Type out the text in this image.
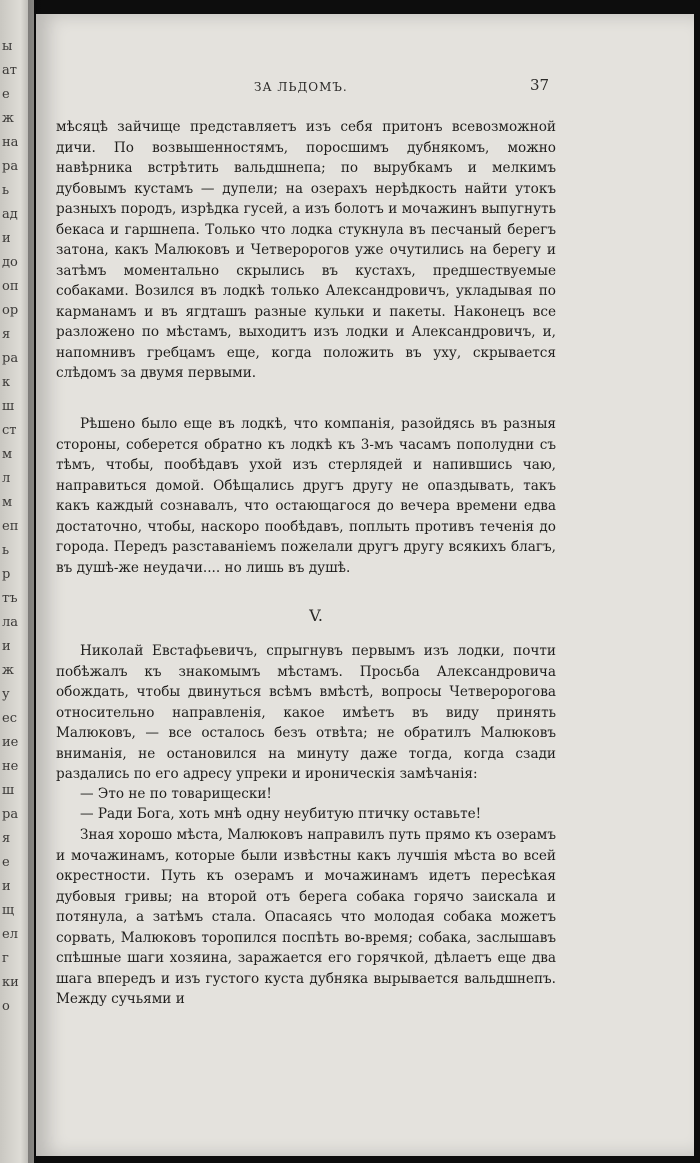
ы
ат
е
ж
на
ра
ь
ад
и
до
оп
ор
я
ра
к
ш
ст
м
л
м
еп
ь
р
тъ
ла
и
ж
у
ес
ие
не
ш
ра
я
е
и
щ
ел
г
ки
о
ЗА ЛЬДОМЪ.	37

мѣсяцѣ зайчище представляетъ изъ себя притонъ всевозможной дичи. По возвышенностямъ, поросшимъ дубнякомъ, можно навѣрника встрѣтить вальдшнепа; по вырубкамъ и мелкимъ дубовымъ кустамъ — дупели; на озерахъ нерѣдкость найти утокъ разныхъ породъ, изрѣдка гусей, а изъ болотъ и мочажинъ выпугнуть бекаса и гаршнепа. Только что лодка стукнула въ песчаный берегъ затона, какъ Малюковъ и Четверорогов уже очутились на берегу и затѣмъ моментально скрылись въ кустахъ, предшествуемые собаками. Возился въ лодкѣ только Александровичъ, укладывая по карманамъ и въ ягдташъ разные кульки и пакеты. Наконецъ все разложено по мѣстамъ, выходитъ изъ лодки и Александровичъ, и, напомнивъ гребцамъ еще, когда положить въ уху, скрывается слѣдомъ за двумя первыми.

Рѣшено было еще въ лодкѣ, что компанія, разойдясь въ разныя стороны, соберется обратно къ лодкѣ къ 3-мъ часамъ пополудни съ тѣмъ, чтобы, пообѣдавъ ухой изъ стерлядей и напившись чаю, направиться домой. Обѣщались другъ другу не опаздывать, такъ какъ каждый сознавалъ, что остающагося до вечера времени едва достаточно, чтобы, наскоро пообѣдавъ, поплыть противъ теченія до города. Передъ разставаніемъ пожелали другъ другу всякихъ благъ, въ душѣ-же неудачи.... но лишь въ душѣ.

V.

Николай Евстафьевичъ, спрыгнувъ первымъ изъ лодки, почти побѣжалъ къ знакомымъ мѣстамъ. Просьба Александровича обождать, чтобы двинуться всѣмъ вмѣстѣ, вопросы Четверорогова относительно направленія, какое имѣетъ въ виду принять Малюковъ, — все осталось безъ отвѣта; не обратилъ Малюковъ вниманія, не остановился на минуту даже тогда, когда сзади раздались по его адресу упреки и ироническія замѣчанія:

— Это не по товарищески!

— Ради Бога, хоть мнѣ одну неубитую птичку оставьте!

Зная хорошо мѣста, Малюковъ направилъ путь прямо къ озерамъ и мочажинамъ, которые были извѣстны какъ лучшія мѣста во всей окрестности. Путь къ озерамъ и мочажинамъ идетъ пересѣкая дубовыя гривы; на второй отъ берега собака горячо заискала и потянула, а затѣмъ стала. Опасаясь что молодая собака можетъ сорвать, Малюковъ торопился поспѣть во-время; собака, заслышавъ спѣшные шаги хозяина, заражается его горячкой, дѣлаетъ еще два шага впередъ и изъ густого куста дубняка вырывается вальдшнепъ. Между сучьями и
